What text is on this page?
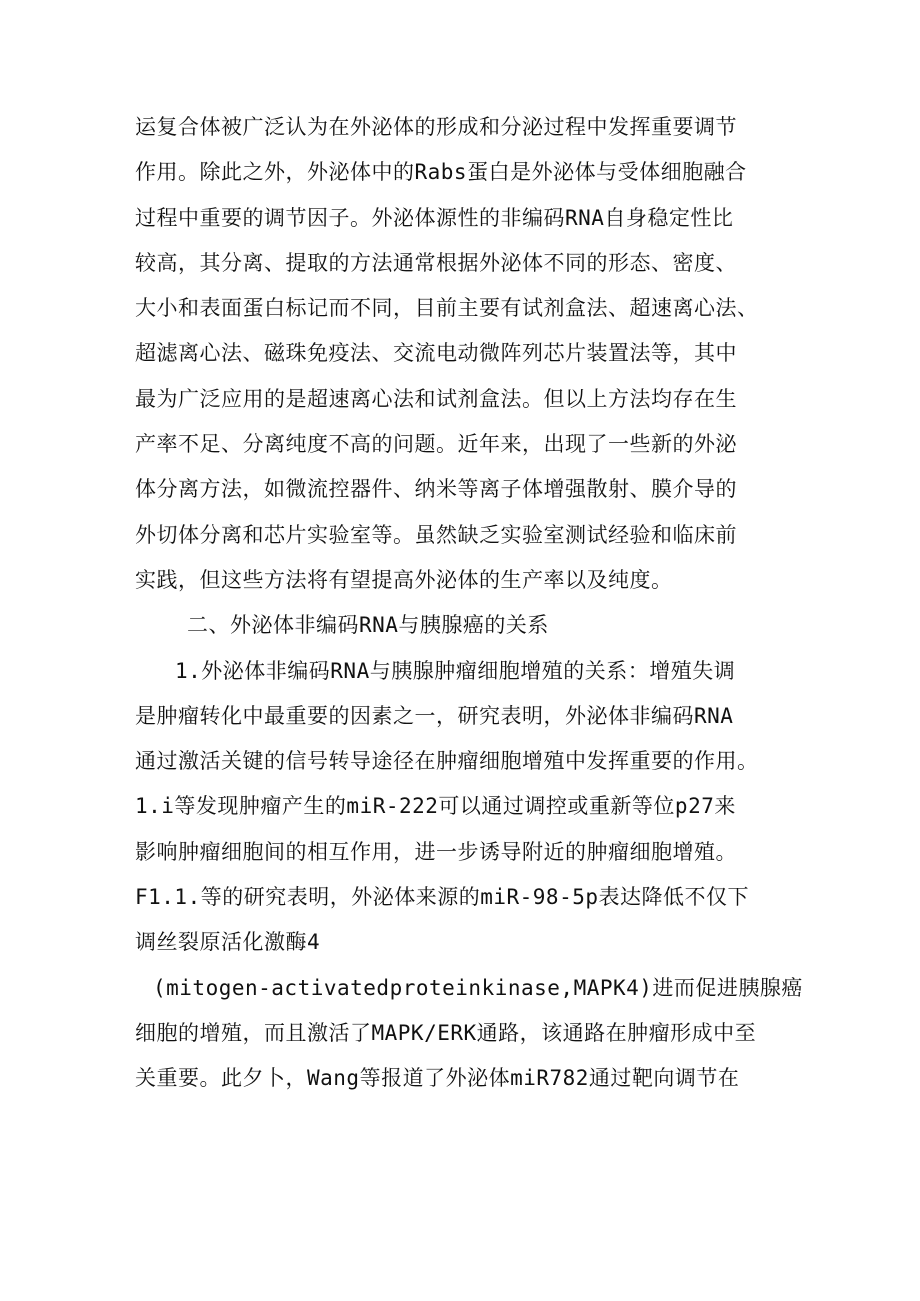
运复合体被广泛认为在外泌体的形成和分泌过程中发挥重要调节
作用。除此之外，外泌体中的Rabs蛋白是外泌体与受体细胞融合
过程中重要的调节因子。外泌体源性的非编码RNA自身稳定性比
较高，其分离、提取的方法通常根据外泌体不同的形态、密度、
大小和表面蛋白标记而不同，目前主要有试剂盒法、超速离心法、
超滤离心法、磁珠免疫法、交流电动微阵列芯片装置法等，其中
最为广泛应用的是超速离心法和试剂盒法。但以上方法均存在生
产率不足、分离纯度不高的问题。近年来，出现了一些新的外泌
体分离方法，如微流控器件、纳米等离子体增强散射、膜介导的
外切体分离和芯片实验室等。虽然缺乏实验室测试经验和临床前
实践，但这些方法将有望提高外泌体的生产率以及纯度。
二、外泌体非编码RNA与胰腺癌的关系
1.外泌体非编码RNA与胰腺肿瘤细胞增殖的关系：增殖失调
是肿瘤转化中最重要的因素之一，研究表明，外泌体非编码RNA
通过激活关键的信号转导途径在肿瘤细胞增殖中发挥重要的作用。
1.i等发现肿瘤产生的miR-222可以通过调控或重新等位p27来
影响肿瘤细胞间的相互作用，进一步诱导附近的肿瘤细胞增殖。
F1.1.等的研究表明，外泌体来源的miR-98-5p表达降低不仅下
调丝裂原活化激酶4
(mitogen-activatedproteinkinase,MAPK4)进而促进胰腺癌
细胞的增殖，而且激活了MAPK/ERK通路，该通路在肿瘤形成中至
关重要。此夕卜，Wang等报道了外泌体miR782通过靶向调节在
